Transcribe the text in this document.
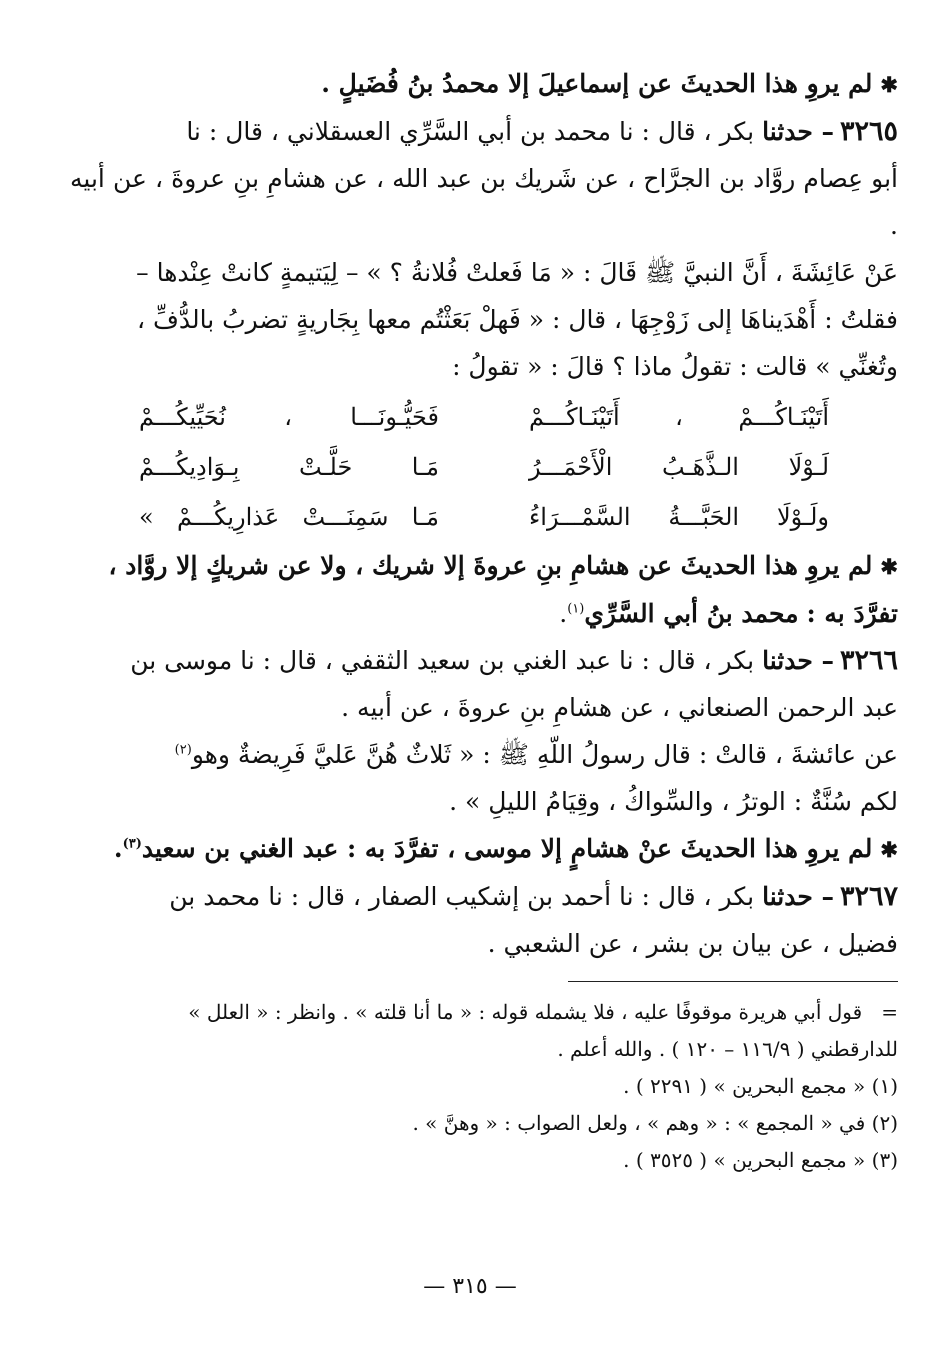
✱لم يروِ هذا الحديثَ عن إسماعيلَ إلا محمدُ بنُ فُضَيلٍ .

٣٢٦٥– حدثنا بكر ، قال : نا محمد بن أبي السَّرِّي العسقلاني ، قال : نا

أبو عِصام روَّاد بن الجرَّاح ، عن شَريك بن عبد الله ، عن هشامِ بنِ عروةَ ، عن أبيه .

عَنْ عَائِشَةَ ، أَنَّ النبيَّ ﷺ قَالَ : « مَا فَعلتْ فُلانةُ ؟ » – لِيَتيمةٍ كانتْ عِنْدها –

فقلتُ : أَهْدَيناهَا إلى زَوْجِهَا ، قال : « فَهلْ بَعَثْتُم معها بِجَاريةٍ تضربُ بالدُّفِّ ،

وتُغنِّي » قالت : تقولُ ماذا ؟ قالَ : « تقولُ :

أَتَيْنَـاكُـــمْ ، أَتَيْنَـاكُـــمْ
فَحَيُّـونَـــا ، نُحَيِّيكُـــمْ
لَـوْلَا الـذَّهَـبُ الْأَحْمَـــرُ
مَـا حَلَّـتْ بِـوَادِيكُـــمْ
ولَـوْلَا الحَبَّـــةُ السَّمْـــرَاءُ
مَـا سَمِنَـــتْ عَذارِيكُـــمْ »

✱لم يروِ هذا الحديثَ عن هشامِ بنِ عروةَ إلا شريك ، ولا عن شريكٍ إلا روَّاد ،

تفرَّدَ به : محمد بنُ أبي السَّرِّي$^{(١)}$.

٣٢٦٦– حدثنا بكر ، قال : نا عبد الغني بن سعيد الثقفي ، قال : نا موسى بن

عبد الرحمن الصنعاني ، عن هشامِ بنِ عروةَ ، عن أبيه .

عن عائشةَ ، قالتْ : قال رسولُ اللّهِ ﷺ : « ثَلاثٌ هُنَّ عَليَّ فَرِيضةٌ وهو$^{(٢)}$

لكم سُنَّةٌ : الوترُ ، والسِّواكُ ، وقِيَامُ الليلِ » .

✱لم يروِ هذا الحديثَ عنْ هشامٍ إلا موسى ، تفرَّدَ به : عبد الغني بن سعيد$^{(٣)}$.

٣٢٦٧– حدثنا بكر ، قال : نا أحمد بن إشكيب الصفار ، قال : نا محمد بن

فضيل ، عن بيان بن بشر ، عن الشعبي .

=   قول أبي هريرة موقوفًا عليه ، فلا يشمله قوله : « ما أنا قلته » . وانظر : « العلل »

للدارقطني ( ١١٦/٩ – ١٢٠ ) . والله أعلم .

(١) « مجمع البحرين » ( ٢٢٩١ ) .

(٢) في « المجمع » : « وهم » ، ولعل الصواب : « وهنَّ » .

(٣) « مجمع البحرين » ( ٣٥٢٥ ) .

— ٣١٥ —
